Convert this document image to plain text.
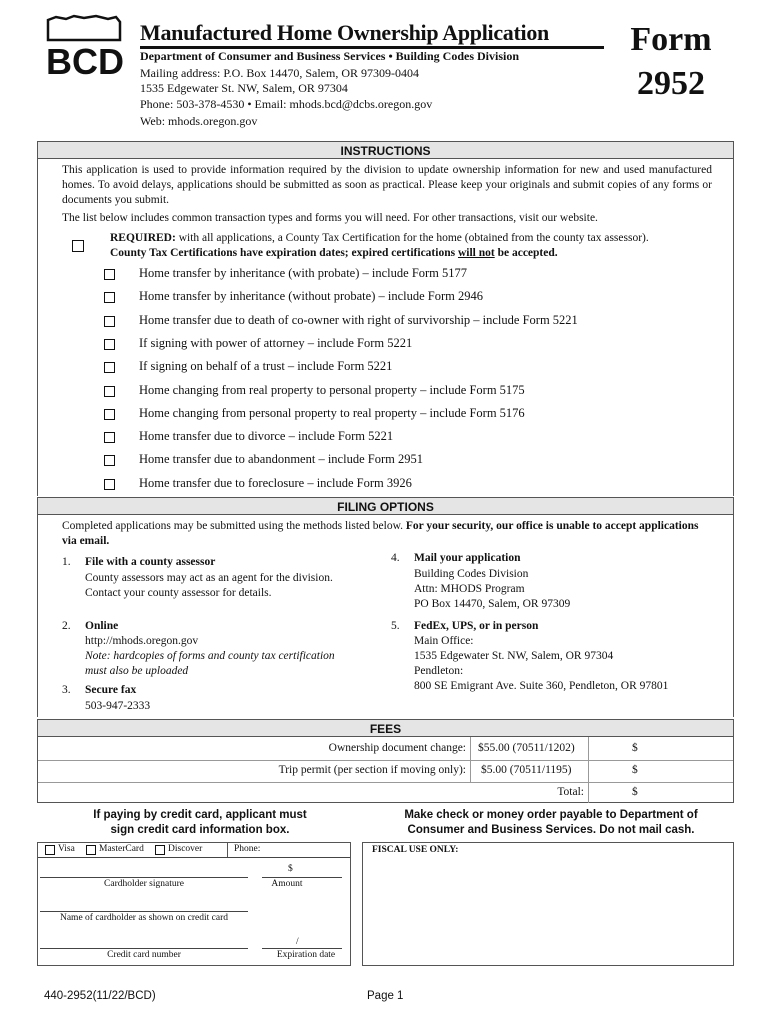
BCD
Manufactured Home Ownership Application
Department of Consumer and Business Services • Building Codes Division
Mailing address: P.O. Box 14470, Salem, OR 97309-0404
1535 Edgewater St. NW, Salem, OR 97304
Phone: 503-378-4530 • Email: mhods.bcd@dcbs.oregon.gov
Web: mhods.oregon.gov
Form
2952
INSTRUCTIONS
This application is used to provide information required by the division to update ownership information for new and used manufactured homes. To avoid delays, applications should be submitted as soon as practical. Please keep your originals and submit copies of any forms or documents you submit.
The list below includes common transaction types and forms you will need. For other transactions, visit our website.
REQUIRED: with all applications, a County Tax Certification for the home (obtained from the county tax assessor).
County Tax Certifications have expiration dates; expired certifications will not be accepted.
Home transfer by inheritance (with probate) – include Form 5177
Home transfer by inheritance (without probate) – include Form 2946
Home transfer due to death of co-owner with right of survivorship – include Form 5221
If signing with power of attorney – include Form 5221
If signing on behalf of a trust – include Form 5221
Home changing from real property to personal property – include Form 5175
Home changing from personal property to real property – include Form 5176
Home transfer due to divorce – include Form 5221
Home transfer due to abandonment – include Form 2951
Home transfer due to foreclosure – include Form 3926
FILING OPTIONS
Completed applications may be submitted using the methods listed below. For your security, our office is unable to accept applications via email.
1. File with a county assessor
County assessors may act as an agent for the division.
Contact your county assessor for details.
2. Online
http://mhods.oregon.gov
Note: hardcopies of forms and county tax certification
must also be uploaded
3. Secure fax
503-947-2333
4. Mail your application
Building Codes Division
Attn: MHODS Program
PO Box 14470, Salem, OR 97309
5. FedEx, UPS, or in person
Main Office:
1535 Edgewater St. NW, Salem, OR 97304
Pendleton:
800 SE Emigrant Ave. Suite 360, Pendleton, OR 97801
FEES
Ownership document change: $55.00 (70511/1202)	$
Trip permit (per section if moving only): $5.00 (70511/1195)	$
Total:	$
If paying by credit card, applicant must
sign credit card information box.
Make check or money order payable to Department of
Consumer and Business Services. Do not mail cash.
Visa	MasterCard	Discover	Phone:
$
Cardholder signature	Amount
Name of cardholder as shown on credit card
/
Credit card number	Expiration date
FISCAL USE ONLY:
440-2952(11/22/BCD)	Page 1
